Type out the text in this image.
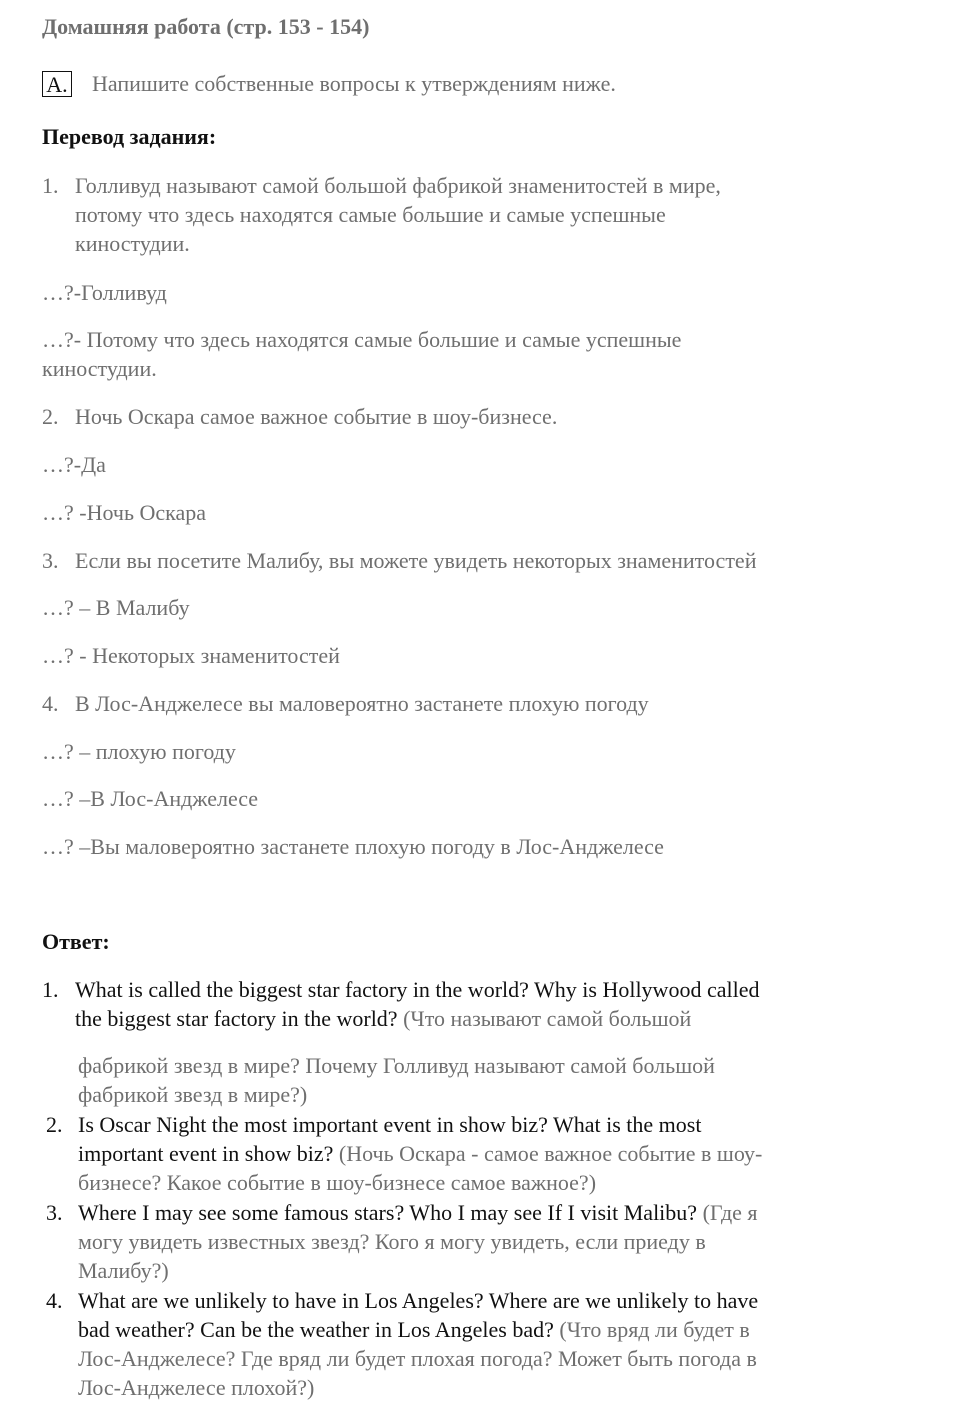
Домашняя работа (стр. 153 - 154)
A. Напишите собственные вопросы к утверждениям ниже.
Перевод задания:
1. Голливуд называют самой большой фабрикой знаменитостей в мире,
потому что здесь находятся самые большие и самые успешные
киностудии.
…?-Голливуд
…?- Потому что здесь находятся самые большие и самые успешные
киностудии.
2. Ночь Оскара самое важное событие в шоу-бизнесе.
…?-Да
…? -Ночь Оскара
3. Если вы посетите Малибу, вы можете увидеть некоторых знаменитостей
…? – В Малибу
…? - Некоторых знаменитостей
4. В Лос-Анджелесе вы маловероятно застанете плохую погоду
…? – плохую погоду
…? –В Лос-Анджелесе
…? –Вы маловероятно застанете плохую погоду в Лос-Анджелесе
Ответ:
1. What is called the biggest star factory in the world? Why is Hollywood called
the biggest star factory in the world? (Что называют самой большой
фабрикой звезд в мире? Почему Голливуд называют самой большой
фабрикой звезд в мире?)
2. Is Oscar Night the most important event in show biz? What is the most
important event in show biz? (Ночь Оскара - самое важное событие в шоу-
бизнесе? Какое событие в шоу-бизнесе самое важное?)
3. Where I may see some famous stars? Who I may see If I visit Malibu? (Где я
могу увидеть известных звезд? Кого я могу увидеть, если приеду в
Малибу?)
4. What are we unlikely to have in Los Angeles? Where are we unlikely to have
bad weather? Can be the weather in Los Angeles bad? (Что вряд ли будет в
Лос-Анджелесе? Где вряд ли будет плохая погода? Может быть погода в
Лос-Анджелесе плохой?)
